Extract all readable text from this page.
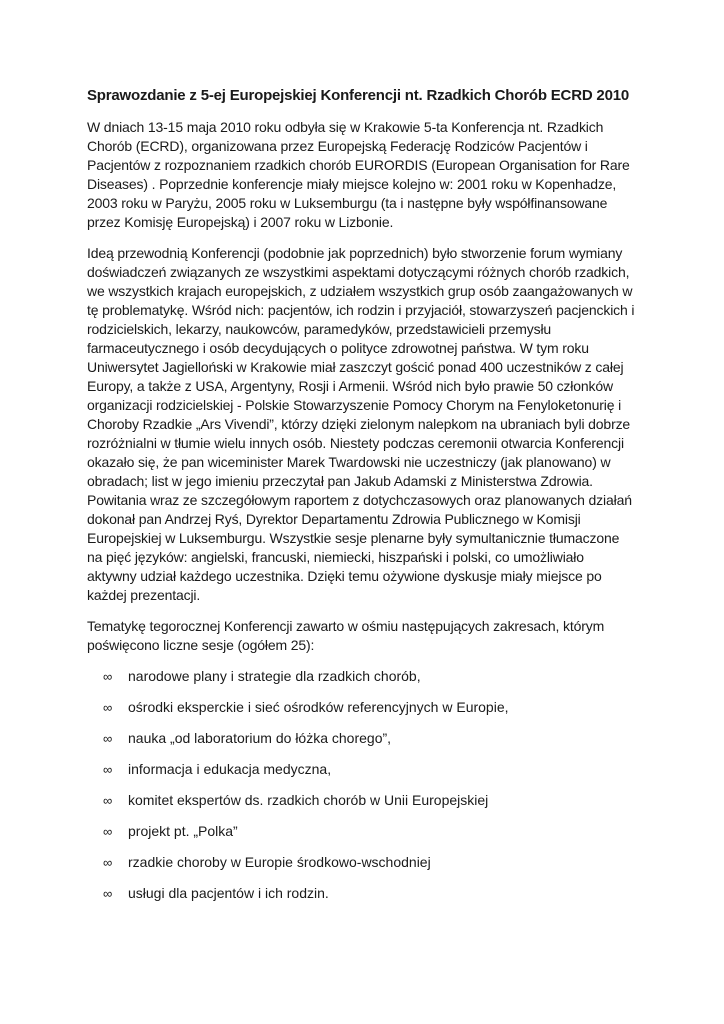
Sprawozdanie z 5-ej Europejskiej Konferencji nt. Rzadkich Chorób ECRD 2010

W dniach 13-15 maja 2010 roku odbyła się w Krakowie 5-ta Konferencja nt. Rzadkich Chorób (ECRD), organizowana przez Europejską Federację Rodziców Pacjentów i Pacjentów z rozpoznaniem rzadkich chorób EURORDIS (European Organisation for Rare Diseases) . Poprzednie konferencje miały miejsce kolejno w: 2001 roku w Kopenhadze, 2003 roku w Paryżu, 2005 roku w Luksemburgu (ta i następne były współfinansowane przez Komisję Europejską) i 2007 roku w Lizbonie.

Ideą przewodnią Konferencji (podobnie jak poprzednich) było stworzenie forum wymiany doświadczeń związanych ze wszystkimi aspektami dotyczącymi różnych chorób rzadkich, we wszystkich krajach europejskich, z udziałem wszystkich grup osób zaangażowanych w tę problematykę. Wśród nich: pacjentów, ich rodzin i przyjaciół, stowarzyszeń pacjenckich i rodzicielskich, lekarzy, naukowców, paramedyków, przedstawicieli przemysłu farmaceutycznego i osób decydujących o polityce zdrowotnej państwa. W tym roku Uniwersytet Jagielloński w Krakowie miał zaszczyt gościć ponad 400 uczestników z całej Europy, a także z USA, Argentyny, Rosji i Armenii. Wśród nich było prawie 50 członków organizacji rodzicielskiej - Polskie Stowarzyszenie Pomocy Chorym na Fenyloketonurię i Choroby Rzadkie „Ars Vivendi”, którzy dzięki zielonym nalepkom na ubraniach byli dobrze rozróżnialni w tłumie wielu innych osób. Niestety podczas ceremonii otwarcia Konferencji okazało się, że pan wiceminister Marek Twardowski nie uczestniczy (jak planowano) w obradach; list w jego imieniu przeczytał pan Jakub Adamski z Ministerstwa Zdrowia. Powitania wraz ze szczegółowym raportem z dotychczasowych oraz planowanych działań dokonał pan Andrzej Ryś, Dyrektor Departamentu Zdrowia Publicznego w Komisji Europejskiej w Luksemburgu. Wszystkie sesje plenarne były symultanicznie tłumaczone na pięć języków: angielski, francuski, niemiecki, hiszpański i polski, co umożliwiało aktywny udział każdego uczestnika. Dzięki temu ożywione dyskusje miały miejsce po każdej prezentacji.

Tematykę tegorocznej Konferencji zawarto w ośmiu następujących zakresach, którym poświęcono liczne sesje (ogółem 25):

∞ narodowe plany i strategie dla rzadkich chorób,
∞ ośrodki eksperckie i sieć ośrodków referencyjnych w Europie,
∞ nauka „od laboratorium do łóżka chorego”,
∞ informacja i edukacja medyczna,
∞ komitet ekspertów ds. rzadkich chorób w Unii Europejskiej
∞ projekt pt. „Polka”
∞ rzadkie choroby w Europie środkowo-wschodniej
∞ usługi dla pacjentów i ich rodzin.
